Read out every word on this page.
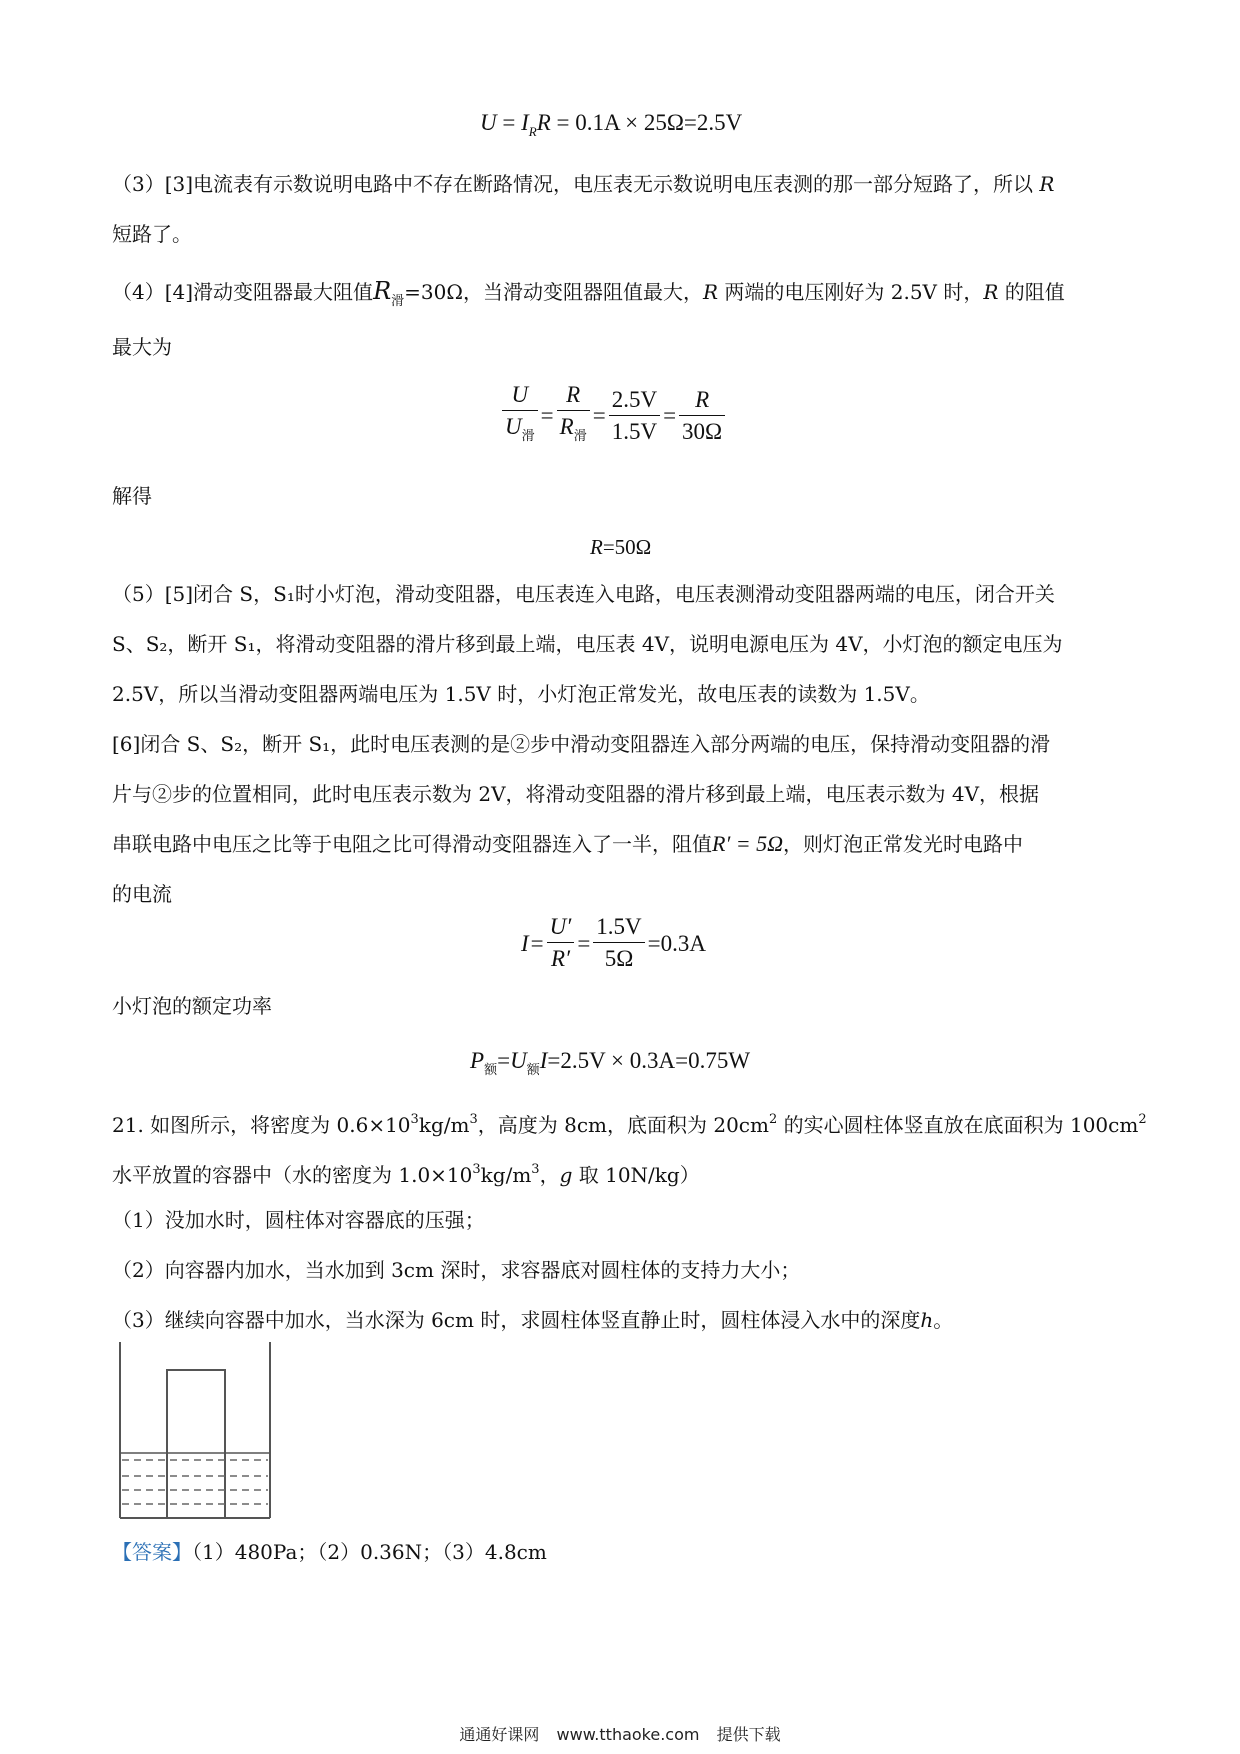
$U = I_RR = 0.1A \times 25\Omega=2.5V$
（3）[3]电流表有示数说明电路中不存在断路情况，电压表无示数说明电压表测的那一部分短路了，所以 R
短路了。
（4）[4]滑动变阻器最大阻值$R_滑=30\Omega$，当滑动变阻器阻值最大，R 两端的电压刚好为 2.5V 时，R 的阻值
最大为
$\frac{U}{U_滑} = \frac{R}{R_滑} = \frac{2.5V}{1.5V} = \frac{R}{30\Omega}$
解得
R=50Ω
（5）[5]闭合 S，S₁时小灯泡，滑动变阻器，电压表连入电路，电压表测滑动变阻器两端的电压，闭合开关
S、S₂，断开 S₁，将滑动变阻器的滑片移到最上端，电压表 4V，说明电源电压为 4V，小灯泡的额定电压为
2.5V，所以当滑动变阻器两端电压为 1.5V 时，小灯泡正常发光，故电压表的读数为 1.5V。
[6]闭合 S、S₂，断开 S₁，此时电压表测的是②步中滑动变阻器连入部分两端的电压，保持滑动变阻器的滑
片与②步的位置相同，此时电压表示数为 2V，将滑动变阻器的滑片移到最上端，电压表示数为 4V，根据
串联电路中电压之比等于电阻之比可得滑动变阻器连入了一半，阻值R′ = 5Ω，则灯泡正常发光时电路中
的电流
$I= \frac{U'}{R'} = \frac{1.5V}{5\Omega} =0.3A$
小灯泡的额定功率
$P_额=U_额I=2.5V \times 0.3A=0.75W$
21. 如图所示，将密度为 $0.6\times 10^3kg/m^3$，高度为 8cm，底面积为 $20cm^2$ 的实心圆柱体竖直放在底面积为 $100cm^2$
水平放置的容器中（水的密度为 $1.0\times 10^3kg/m^3$，g 取 10N/kg）
（1）没加水时，圆柱体对容器底的压强；
（2）向容器内加水，当水加到 3cm 深时，求容器底对圆柱体的支持力大小；
（3）继续向容器中加水，当水深为 6cm 时，求圆柱体竖直静止时，圆柱体浸入水中的深度h。
【答案】（1）480Pa；（2）0.36N；（3）4.8cm
通通好课网 www.tthaoke.com 提供下载
